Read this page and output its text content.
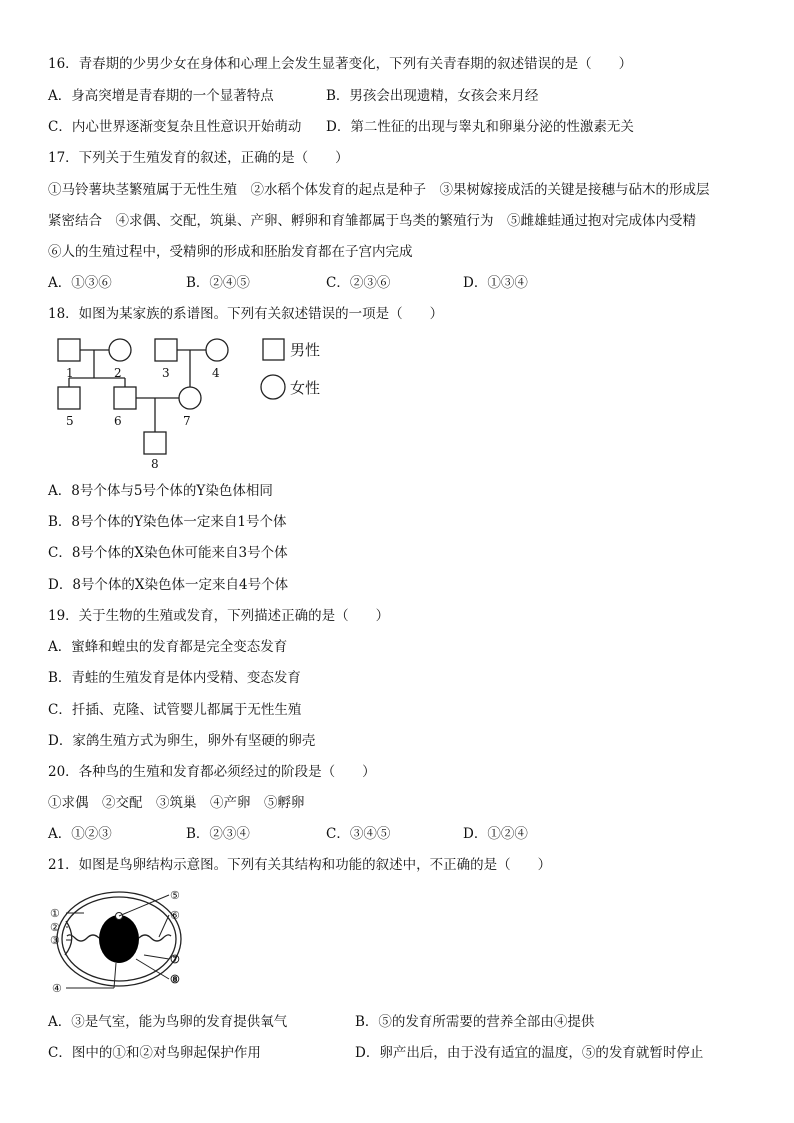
16．青春期的少男少女在身体和心理上会发生显著变化，下列有关青春期的叙述错误的是（　　）
A．身高突增是青春期的一个显著特点	B．男孩会出现遗精，女孩会来月经
C．内心世界逐渐变复杂且性意识开始萌动 D．第二性征的出现与睾丸和卵巢分泌的性激素无关
17．下列关于生殖发育的叙述，正确的是（　　）
①马铃薯块茎繁殖属于无性生殖　②水稻个体发育的起点是种子　③果树嫁接成活的关键是接穗与砧木的形成层
紧密结合　④求偶、交配，筑巢、产卵、孵卵和育雏都属于鸟类的繁殖行为　⑤雌雄蛙通过抱对完成体内受精
⑥人的生殖过程中，受精卵的形成和胚胎发育都在子宫内完成
A．①③⑥	B．②④⑤	C．②③⑥	D．①③④
18．如图为某家族的系谱图。下列有关叙述错误的一项是（　　）
1	2	3	4
5	6	7
8
男性
女性
A．8号个体与5号个体的Y染色体相同
B．8号个体的Y染色体一定来自1号个体
C．8号个体的X染色休可能来自3号个体
D．8号个体的X染色体一定来自4号个体
19．关于生物的生殖或发育，下列描述正确的是（　　）
A．蜜蜂和蝗虫的发育都是完全变态发育
B．青蛙的生殖发育是体内受精、变态发育
C．扦插、克隆、试管婴儿都属于无性生殖
D．家鸽生殖方式为卵生，卵外有坚硬的卵壳
20．各种鸟的生殖和发育都必须经过的阶段是（　　）
①求偶　②交配　③筑巢　④产卵　⑤孵卵
A．①②③	B．②③④	C．③④⑤	D．①②④
21．如图是鸟卵结构示意图。下列有关其结构和功能的叙述中，不正确的是（　　）
①
②
③
④
⑤
⑥
⑦
⑧
A．③是气室，能为鸟卵的发育提供氧气	B．⑤的发育所需要的营养全部由④提供
C．图中的①和②对鸟卵起保护作用	D．卵产出后，由于没有适宜的温度，⑤的发育就暂时停止
